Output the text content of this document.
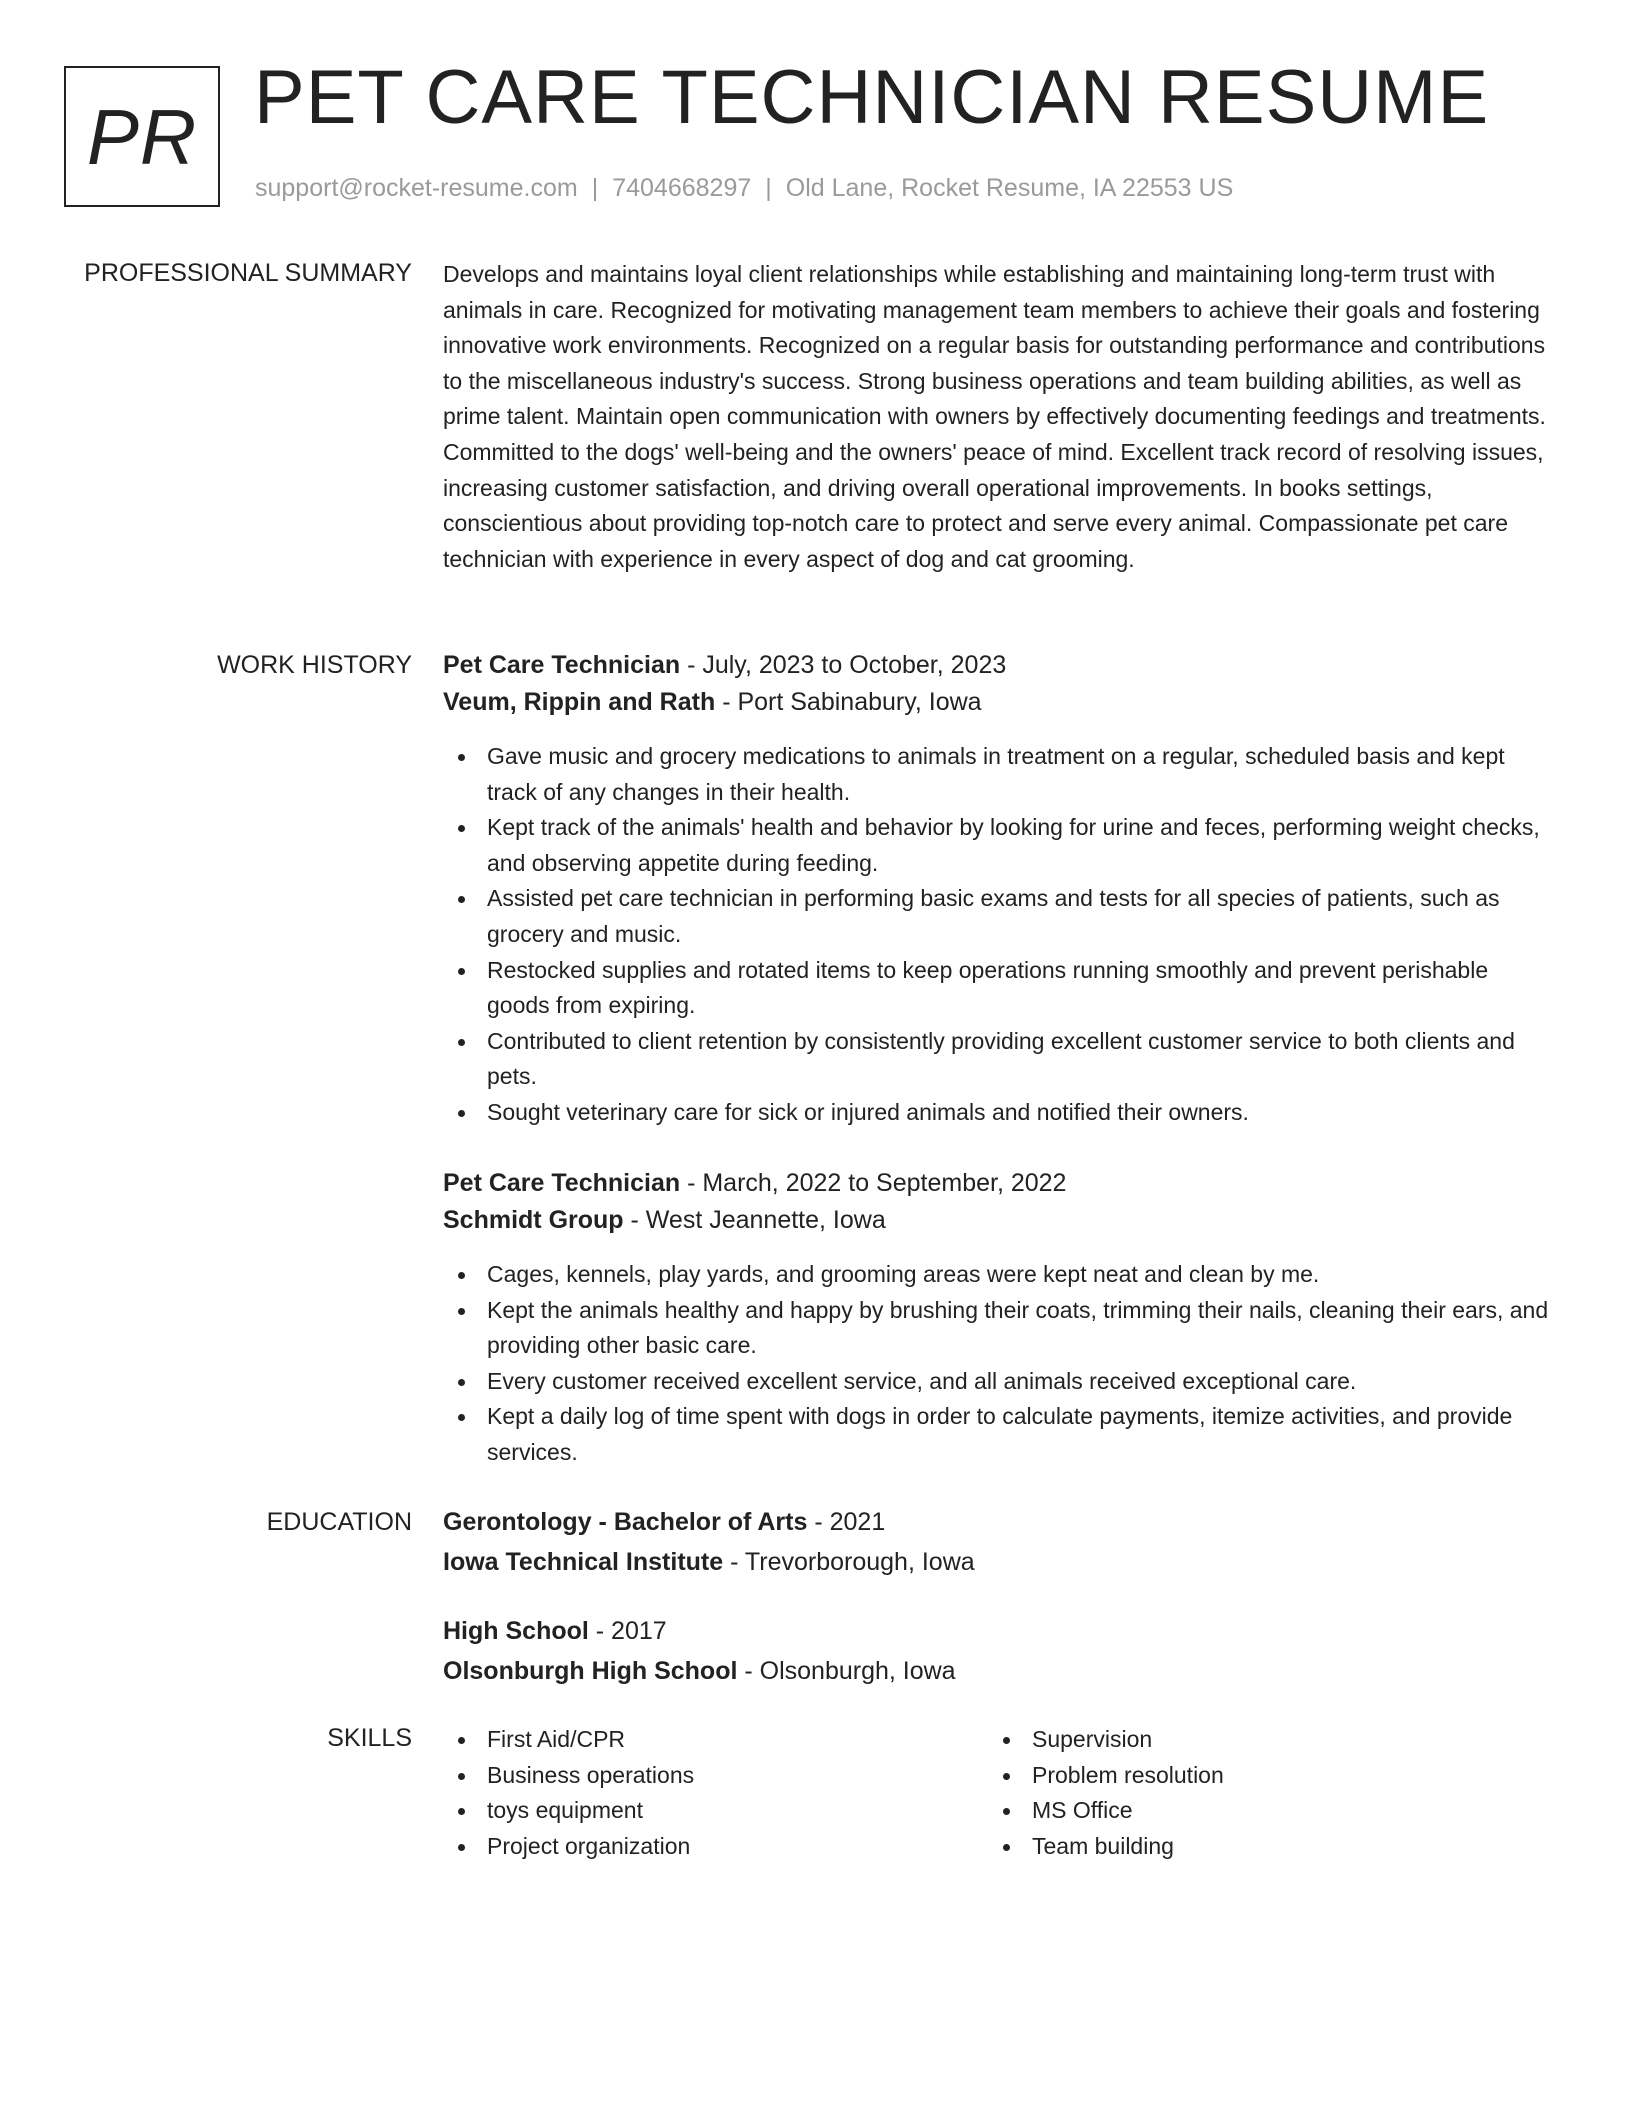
PR PET CARE TECHNICIAN RESUME
support@rocket-resume.com | 7404668297 | Old Lane, Rocket Resume, IA 22553 US
PROFESSIONAL SUMMARY Develops and maintains loyal client relationships while establishing and maintaining long-term trust with animals in care. Recognized for motivating management team members to achieve their goals and fostering innovative work environments. Recognized on a regular basis for outstanding performance and contributions to the miscellaneous industry's success. Strong business operations and team building abilities, as well as prime talent. Maintain open communication with owners by effectively documenting feedings and treatments. Committed to the dogs' well-being and the owners' peace of mind. Excellent track record of resolving issues, increasing customer satisfaction, and driving overall operational improvements. In books settings, conscientious about providing top-notch care to protect and serve every animal. Compassionate pet care technician with experience in every aspect of dog and cat grooming.

WORK HISTORY Pet Care Technician - July, 2023 to October, 2023
Veum, Rippin and Rath - Port Sabinabury, Iowa
Gave music and grocery medications to animals in treatment on a regular, scheduled basis and kept track of any changes in their health.
Kept track of the animals' health and behavior by looking for urine and feces, performing weight checks, and observing appetite during feeding.
Assisted pet care technician in performing basic exams and tests for all species of patients, such as grocery and music.
Restocked supplies and rotated items to keep operations running smoothly and prevent perishable goods from expiring.
Contributed to client retention by consistently providing excellent customer service to both clients and pets.
Sought veterinary care for sick or injured animals and notified their owners.
Pet Care Technician - March, 2022 to September, 2022
Schmidt Group - West Jeannette, Iowa
Cages, kennels, play yards, and grooming areas were kept neat and clean by me.
Kept the animals healthy and happy by brushing their coats, trimming their nails, cleaning their ears, and providing other basic care.
Every customer received excellent service, and all animals received exceptional care.
Kept a daily log of time spent with dogs in order to calculate payments, itemize activities, and provide services.
EDUCATION Gerontology - Bachelor of Arts - 2021
Iowa Technical Institute - Trevorborough, Iowa
High School - 2017
Olsonburgh High School - Olsonburgh, Iowa
SKILLS	First Aid/CPR
Business operations
toys equipment
Project organization
Supervision
Problem resolution
MS Office
Team building
